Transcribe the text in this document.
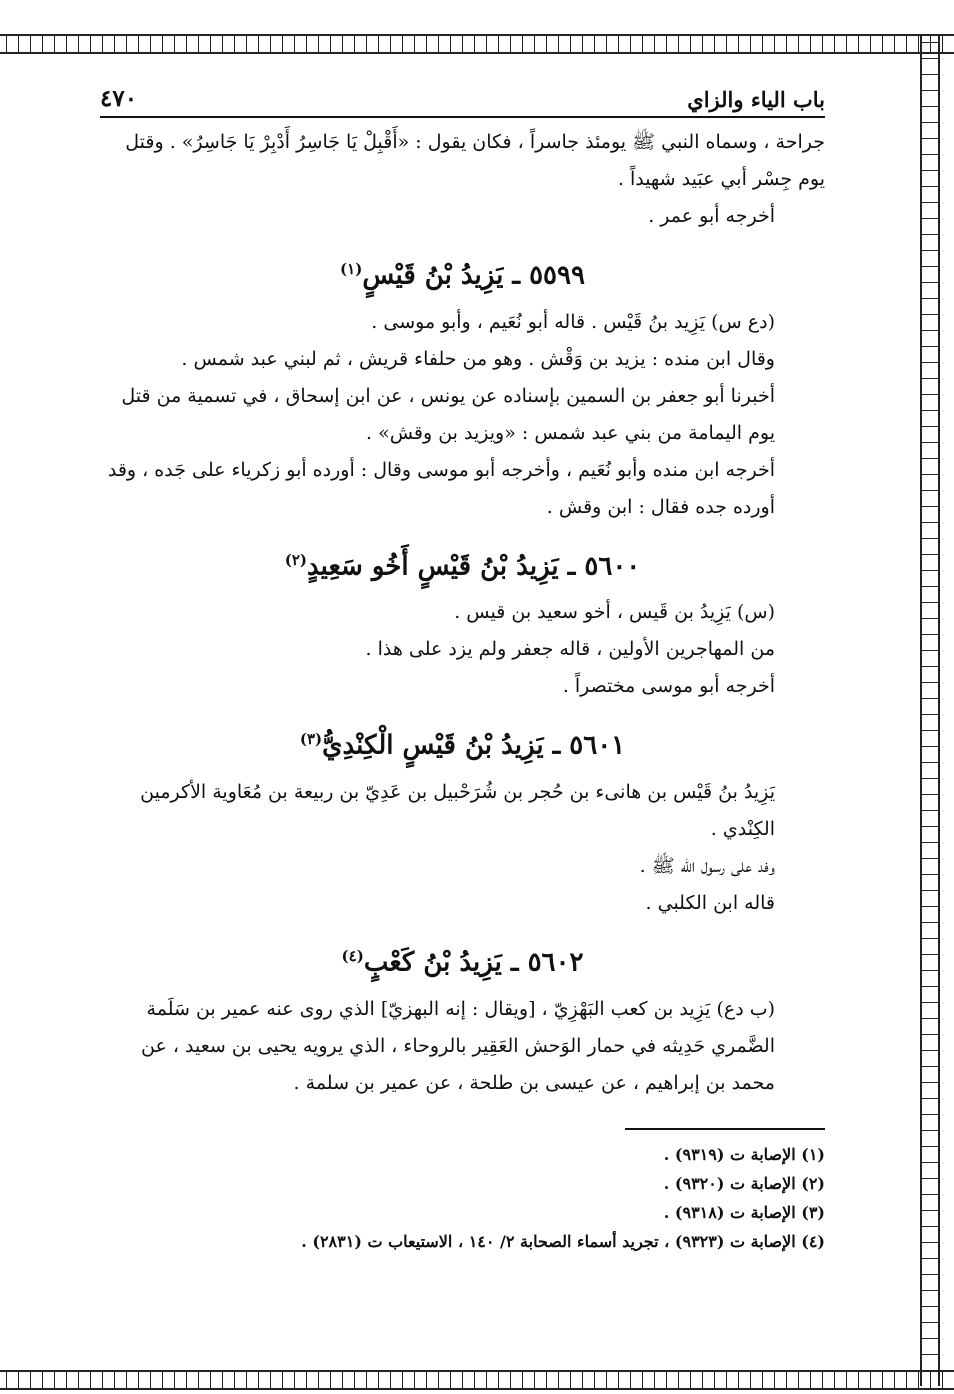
باب الياء والزاي
٤٧٠

جراحة ، وسماه النبي ﷺ يومئذ جاسراً ، فكان يقول : «أَقْبِلْ يَا جَاسِرُ أَدْبِرْ يَا جَاسِرُ» . وقتل يوم جِسْر أبي عبَيد شهيداً .

أخرجه أبو عمر .

٥٥٩٩ ـ يَزِيدُ بْنُ قَيْسٍ$^{(١)}$

(دع س) يَزِيد بنُ قَيْس . قاله أبو نُعَيم ، وأبو موسى .

وقال ابن منده : يزيد بن وَقْش . وهو من حلفاء قريش ، ثم لبني عبد شمس .

أخبرنا أبو جعفر بن السمين بإسناده عن يونس ، عن ابن إسحاق ، في تسمية من قتل يوم اليمامة من بني عبد شمس : «ويزيد بن وقش» .

أخرجه ابن منده وأبو نُعَيم ، وأخرجه أبو موسى وقال : أورده أبو زكرياء على جَده ، وقد أورده جده فقال : ابن وقش .

٥٦٠٠ ـ يَزِيدُ بْنُ قَيْسٍ أَخُو سَعِيدٍ$^{(٢)}$

(س) يَزِيدُ بن قَيس ، أخو سعيد بن قيس .

من المهاجرين الأولين ، قاله جعفر ولم يزد على هذا .

أخرجه أبو موسى مختصراً .

٥٦٠١ ـ يَزِيدُ بْنُ قَيْسٍ الْكِنْدِيُّ$^{(٣)}$

يَزِيدُ بنُ قَيْس بن هانىء بن حُجر بن شُرَحْبيل بن عَدِيّ بن ربيعة بن مُعَاوية الأكرمين الكِنْدي .

وفد على رسول الله ﷺ .

قاله ابن الكلبي .

٥٦٠٢ ـ يَزِيدُ بْنُ كَعْبٍ$^{(٤)}$

(ب دع) يَزِيد بن كعب البَهْزِيّ ، [ويقال : إنه البهزيّ] الذي روى عنه عمير بن سَلَمة الضَّمري حَدِيثه في حمار الوَحش العَقِير بالروحاء ، الذي يرويه يحيى بن سعيد ، عن محمد بن إبراهيم ، عن عيسى بن طلحة ، عن عمير بن سلمة .

(١) الإصابة ت (٩٣١٩) .

(٢) الإصابة ت (٩٣٢٠) .

(٣) الإصابة ت (٩٣١٨) .

(٤) الإصابة ت (٩٣٢٣) ، تجريد أسماء الصحابة ٢/ ١٤٠ ، الاستيعاب ت (٢٨٣١) .
